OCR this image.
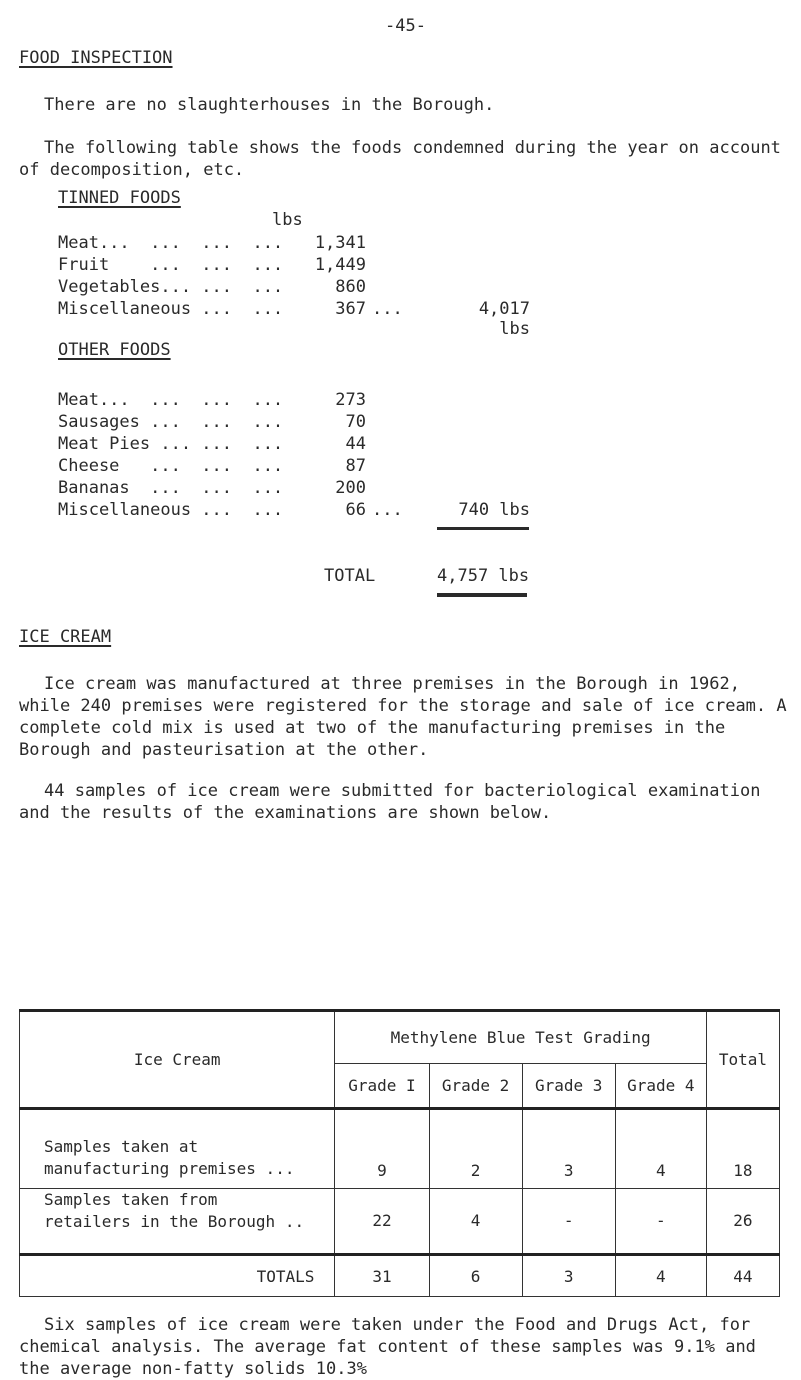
-45-
FOOD INSPECTION
There are no slaughterhouses in the Borough.
The following table shows the foods condemned during the year on account of decomposition, etc.
TINNED FOODS
lbs
Meat...  ...  ...  ...	1,341
Fruit    ...  ...  ...	1,449
Vegetables... ...  ...	860
Miscellaneous ...  ...	367 ...	4,017 lbs
OTHER FOODS
Meat...  ...  ...  ...	273
Sausages ...  ...  ...	70
Meat Pies ... ...  ...	44
Cheese   ...  ...  ...	87
Bananas  ...  ...  ...	200
Miscellaneous ...  ...	66 ...	740 lbs
TOTAL	4,757 lbs
ICE CREAM
Ice cream was manufactured at three premises in the Borough in 1962, while 240 premises were registered for the storage and sale of ice cream. A complete cold mix is used at two of the manufacturing premises in the Borough and pasteurisation at the other.
44 samples of ice cream were submitted for bacteriological examination and the results of the examinations are shown below.
Ice Cream	Methylene Blue Test Grading				Total
	Grade I	Grade 2	Grade 3	Grade 4	

Samples taken at
manufacturing premises ...	9	2	3	4	18

Samples taken from
retailers in the Borough ..	22	4	-	-	26
TOTALS	31	6	3	4	44
Six samples of ice cream were taken under the Food and Drugs Act, for chemical analysis. The average fat content of these samples was 9.1% and the average non-fatty solids 10.3%
